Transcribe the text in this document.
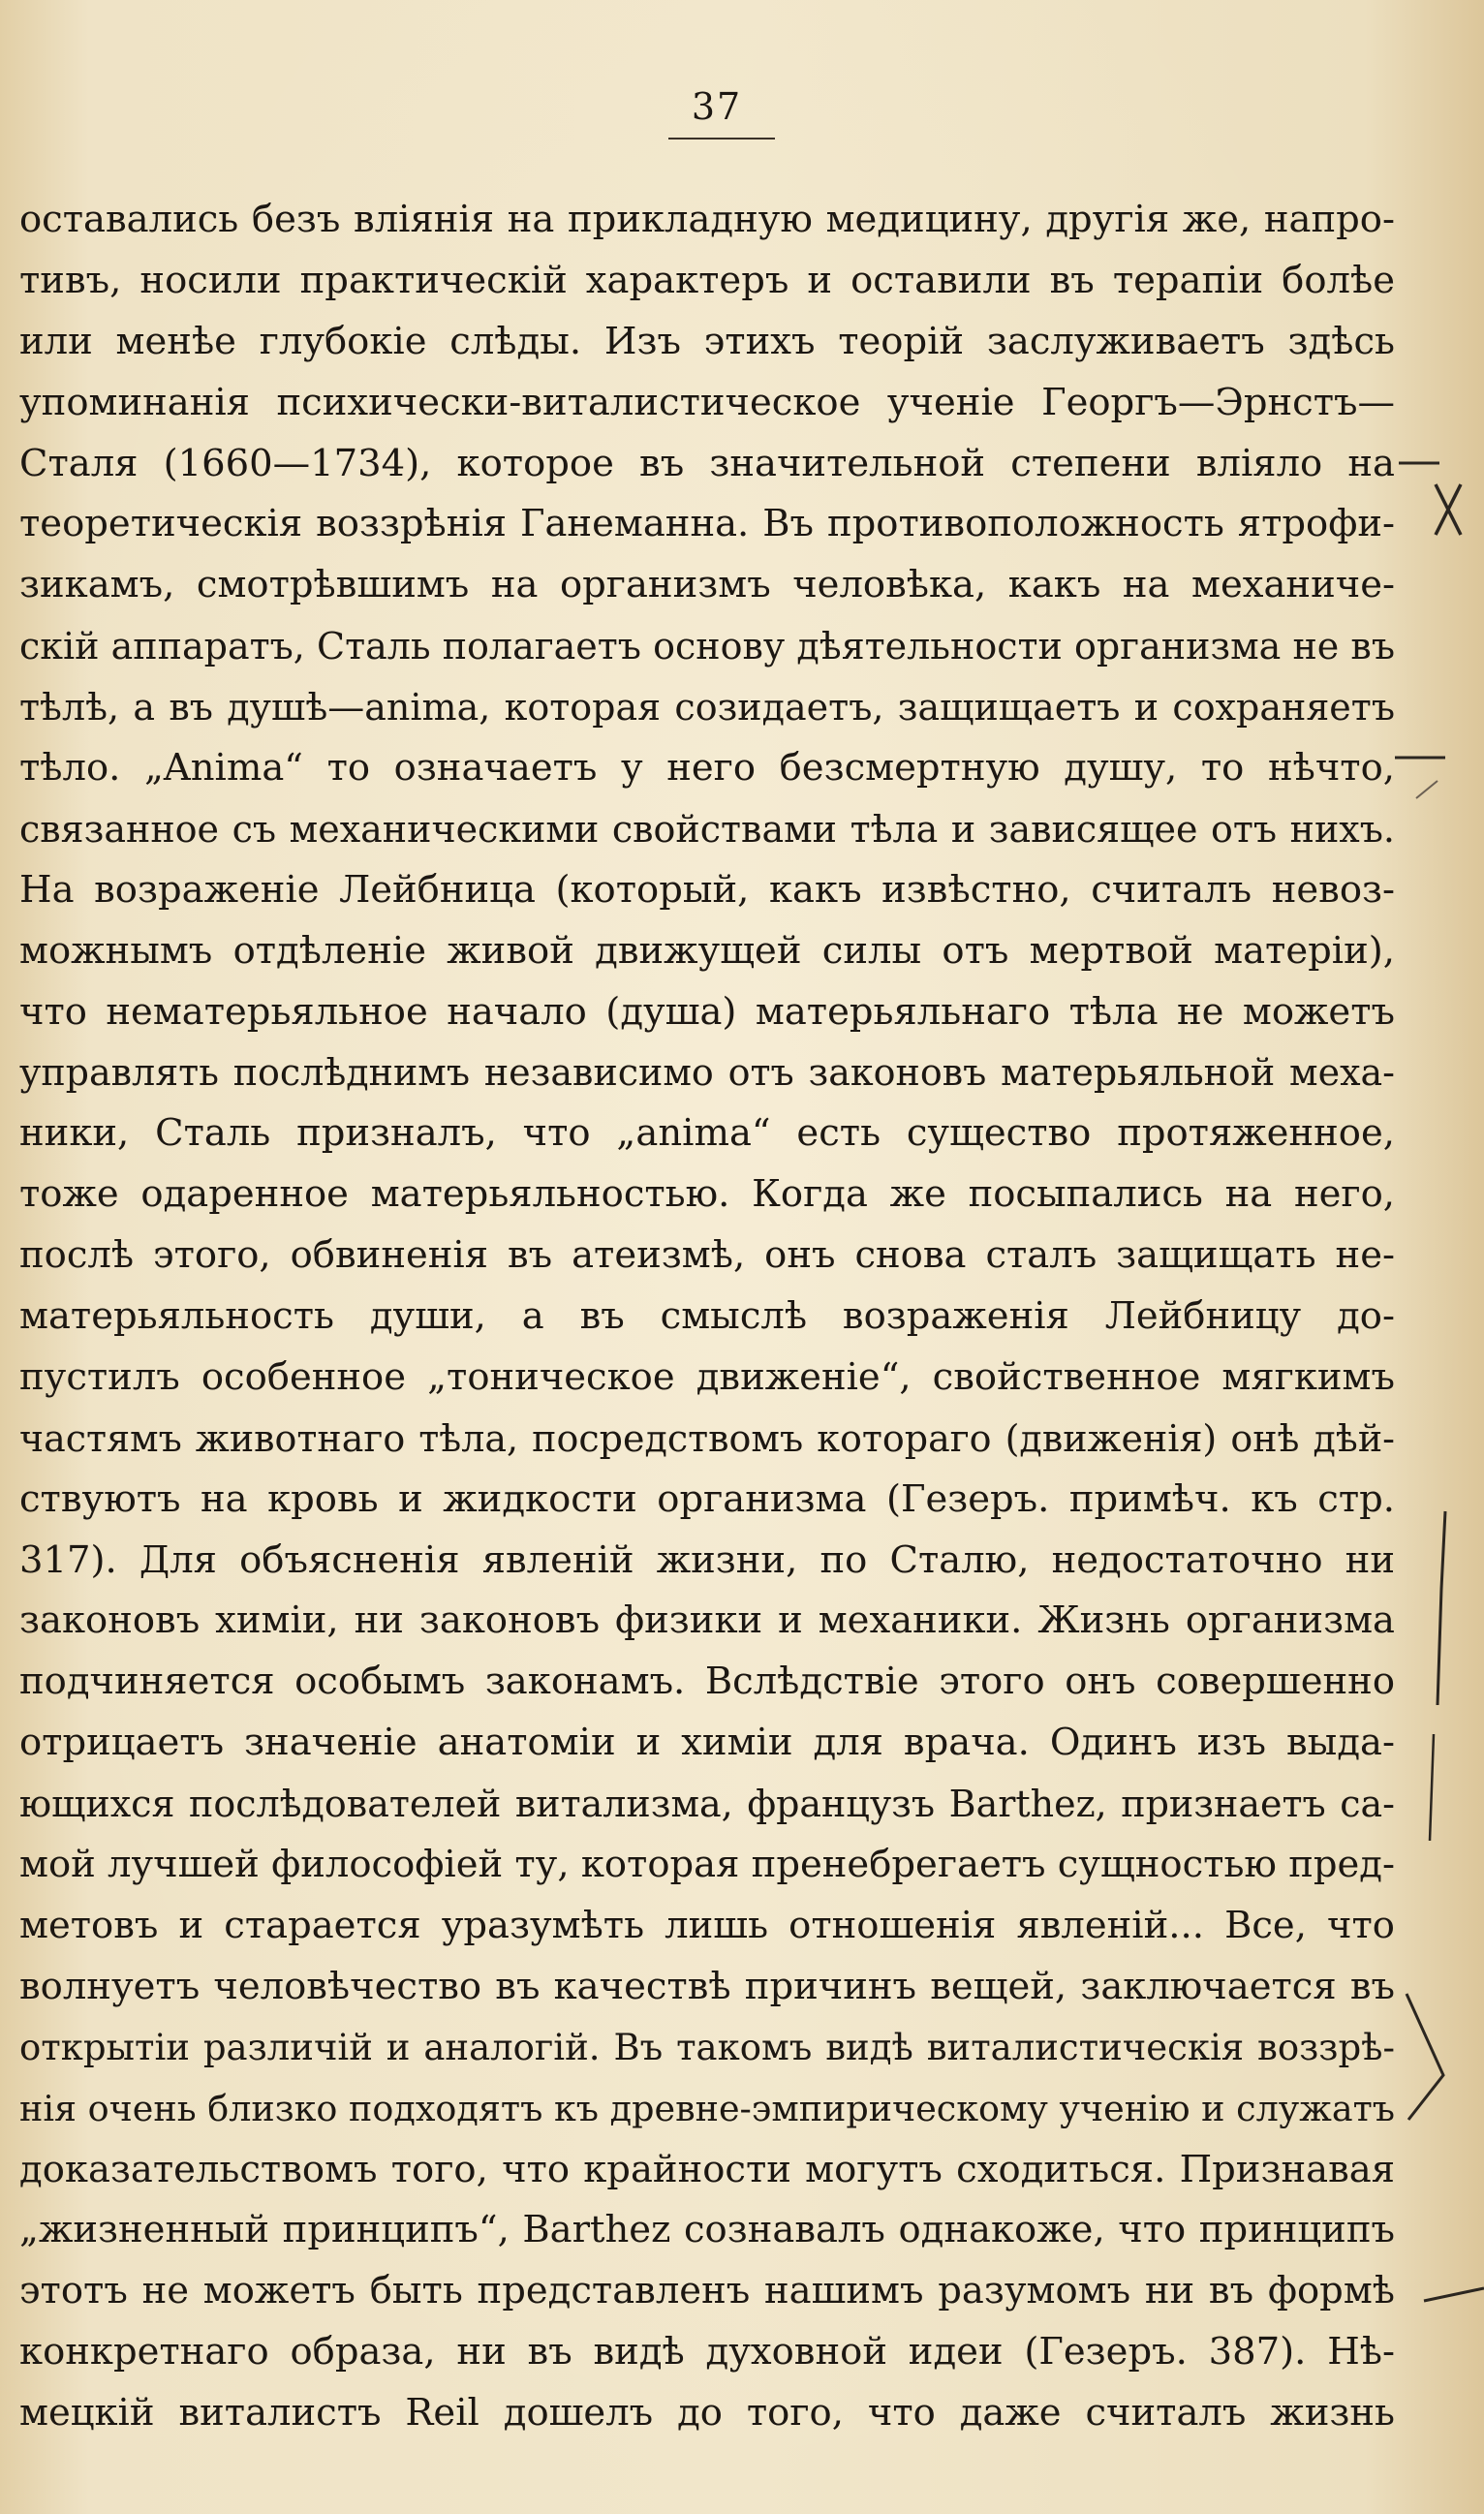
37
оставались безъ вліянія на прикладную медицину, другія же, напро-
тивъ, носили практическій характеръ и оставили въ терапіи болѣе
или менѣе глубокіе слѣды. Изъ этихъ теорій заслуживаетъ здѣсь
упоминанія психически-виталистическое ученіе Георгъ—Эрнстъ—
Сталя (1660—1734), которое въ значительной степени вліяло на
теоретическія воззрѣнія Ганеманна. Въ противоположность ятрофи-
зикамъ, смотрѣвшимъ на организмъ человѣка, какъ на механиче-
скій аппаратъ, Сталь полагаетъ основу дѣятельности организма не въ
тѣлѣ, а въ душѣ—anima, которая созидаетъ, защищаетъ и сохраняетъ
тѣло. „Anima“ то означаетъ у него безсмертную душу, то нѣчто,
связанное съ механическими свойствами тѣла и зависящее отъ нихъ.
На возраженіе Лейбница (который, какъ извѣстно, считалъ невоз-
можнымъ отдѣленіе живой движущей силы отъ мертвой матеріи),
что нематерьяльное начало (душа) матерьяльнаго тѣла не можетъ
управлять послѣднимъ независимо отъ законовъ матерьяльной меха-
ники, Сталь призналъ, что „anima“ есть существо протяженное,
тоже одаренное матерьяльностью. Когда же посыпались на него,
послѣ этого, обвиненія въ атеизмѣ, онъ снова сталъ защищать не-
матерьяльность души, а въ смыслѣ возраженія Лейбницу до-
пустилъ особенное „тоническое движеніе“, свойственное мягкимъ
частямъ животнаго тѣла, посредствомъ котораго (движенія) онѣ дѣй-
ствуютъ на кровь и жидкости организма (Гезеръ. примѣч. къ стр.
317). Для объясненія явленій жизни, по Сталю, недостаточно ни
законовъ химіи, ни законовъ физики и механики. Жизнь организма
подчиняется особымъ законамъ. Вслѣдствіе этого онъ совершенно
отрицаетъ значеніе анатоміи и химіи для врача. Одинъ изъ выда-
ющихся послѣдователей витализма, французъ Barthez, признаетъ са-
мой лучшей философіей ту, которая пренебрегаетъ сущностью пред-
метовъ и старается уразумѣть лишь отношенія явленій... Все, что
волнуетъ человѣчество въ качествѣ причинъ вещей, заключается въ
открытіи различій и аналогій. Въ такомъ видѣ виталистическія воззрѣ-
нія очень близко подходятъ къ древне-эмпирическому ученію и служатъ
доказательствомъ того, что крайности могутъ сходиться. Признавая
„жизненный принципъ“, Barthez сознавалъ однакоже, что принципъ
этотъ не можетъ быть представленъ нашимъ разумомъ ни въ формѣ
конкретнаго образа, ни въ видѣ духовной идеи (Гезеръ. 387). Нѣ-
мецкій виталистъ Reil дошелъ до того, что даже считалъ жизнь
